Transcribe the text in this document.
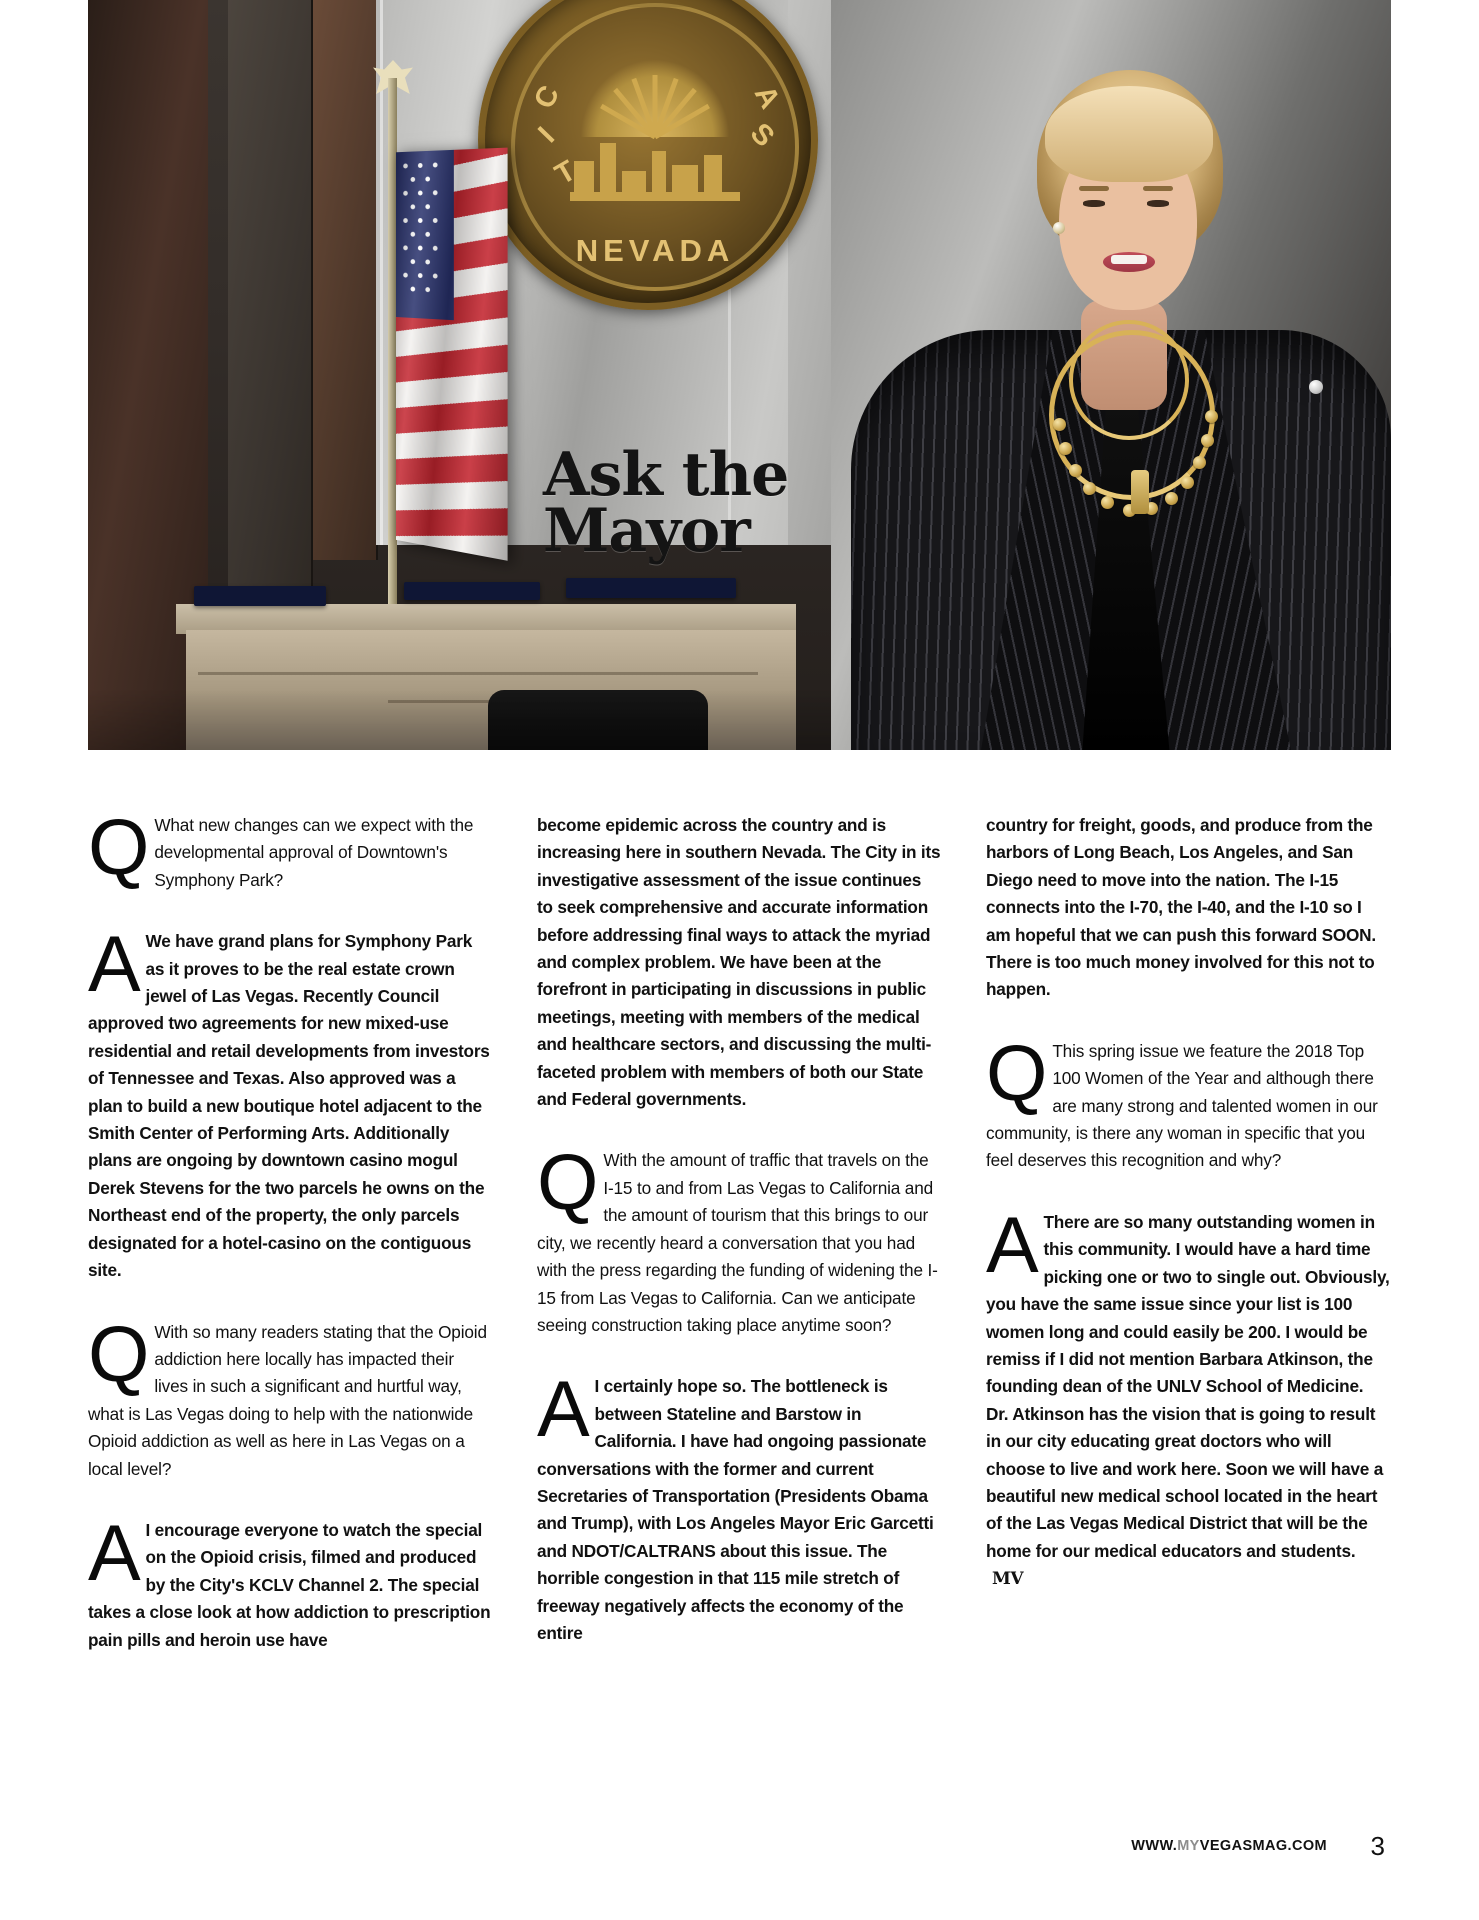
C
I
T
A
S
NEVADA
Ask the
Mayor

Q What new changes can we expect with the developmental approval of Downtown's Symphony Park?

A We have grand plans for Symphony Park as it proves to be the real estate crown jewel of Las Vegas. Recently Council approved two agreements for new mixed-use residential and retail developments from investors of Tennessee and Texas. Also approved was a plan to build a new boutique hotel adjacent to the Smith Center of Performing Arts. Additionally plans are ongoing by downtown casino mogul Derek Stevens for the two parcels he owns on the Northeast end of the property, the only parcels designated for a hotel-casino on the contiguous site.

Q With so many readers stating that the Opioid addiction here locally has impacted their lives in such a significant and hurtful way, what is Las Vegas doing to help with the nationwide Opioid addiction as well as here in Las Vegas on a local level?

A I encourage everyone to watch the special on the Opioid crisis, filmed and produced by the City's KCLV Channel 2. The special takes a close look at how addiction to prescription pain pills and heroin use have

become epidemic across the country and is increasing here in southern Nevada. The City in its investigative assessment of the issue continues to seek comprehensive and accurate information before addressing final ways to attack the myriad and complex problem. We have been at the forefront in participating in discussions in public meetings, meeting with members of the medical and healthcare sectors, and discussing the multi-faceted problem with members of both our State and Federal governments.

Q With the amount of traffic that travels on the I-15 to and from Las Vegas to California and the amount of tourism that this brings to our city, we recently heard a conversation that you had with the press regarding the funding of widening the I-15 from Las Vegas to California. Can we anticipate seeing construction taking place anytime soon?

A I certainly hope so. The bottleneck is between Stateline and Barstow in California. I have had ongoing passionate conversations with the former and current Secretaries of Transportation (Presidents Obama and Trump), with Los Angeles Mayor Eric Garcetti and NDOT/CALTRANS about this issue. The horrible congestion in that 115 mile stretch of freeway negatively affects the economy of the entire

country for freight, goods, and produce from the harbors of Long Beach, Los Angeles, and San Diego need to move into the nation. The I-15 connects into the I-70, the I-40, and the I-10 so I am hopeful that we can push this forward SOON. There is too much money involved for this not to happen.

Q This spring issue we feature the 2018 Top 100 Women of the Year and although there are many strong and talented women in our community, is there any woman in specific that you feel deserves this recognition and why?

A There are so many outstanding women in this community. I would have a hard time picking one or two to single out. Obviously, you have the same issue since your list is 100 women long and could easily be 200. I would be remiss if I did not mention Barbara Atkinson, the founding dean of the UNLV School of Medicine. Dr. Atkinson has the vision that is going to result in our city educating great doctors who will choose to live and work here. Soon we will have a beautiful new medical school located in the heart of the Las Vegas Medical District that will be the home for our medical educators and students. MV

WWW.MYVEGASMAG.COM 3
